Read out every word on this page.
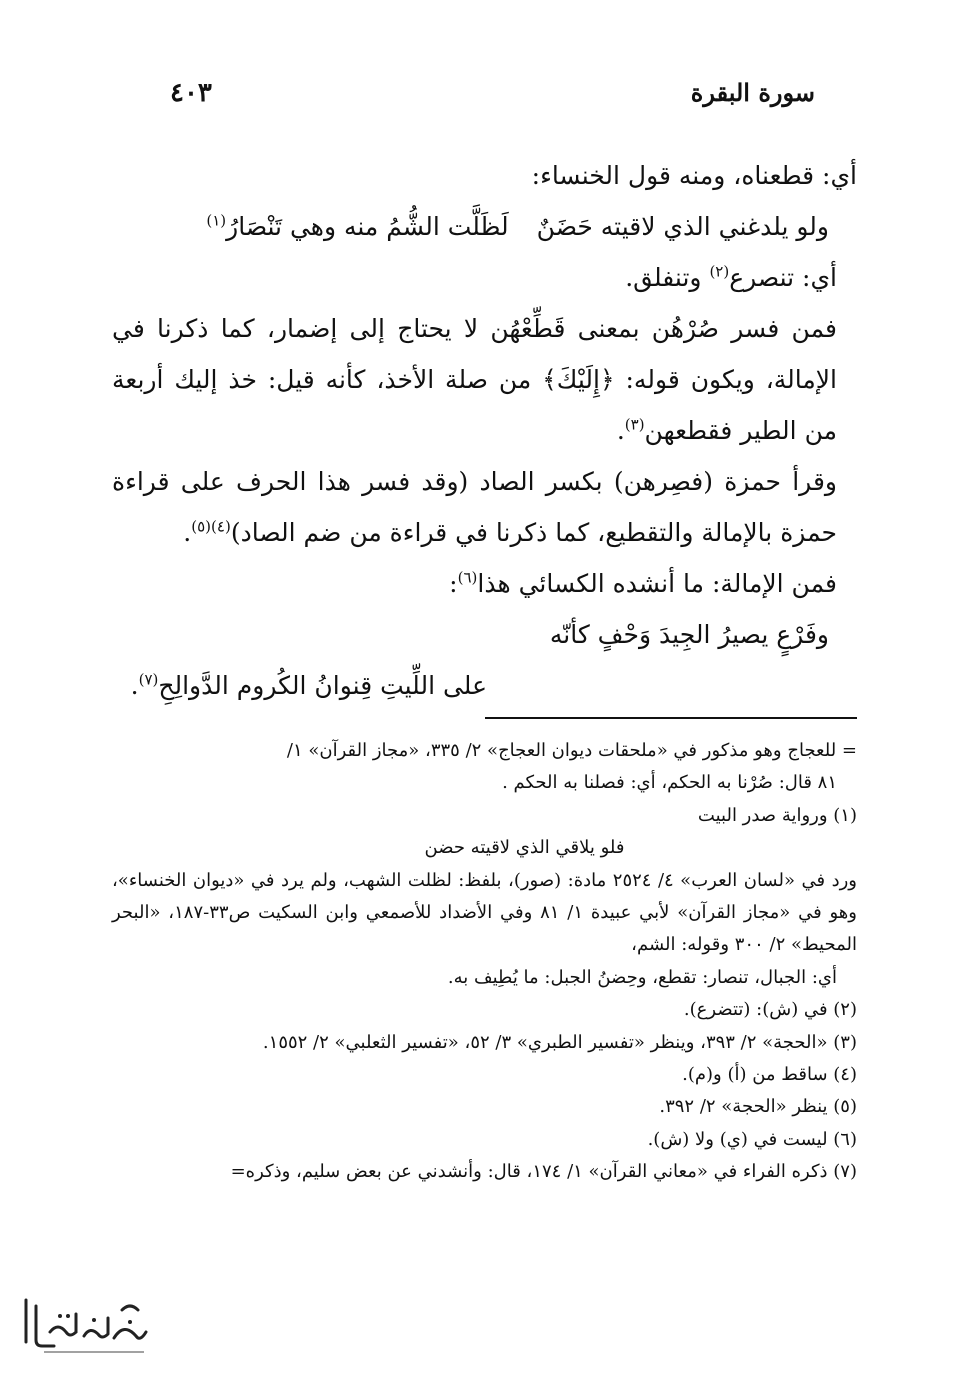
سورة البقرة
٤٠٣

أي: قطعناه، ومنه قول الخنساء:

ولو يلدغني الذي لاقيته حَضَنٌلَظَلَّت الشُّمُ منه وهي تَنْصَارُ$^{(١)}$

أي: تنصرع$^{(٢)}$ وتنفلق.

فمن فسر صُرْهُن بمعنى قَطِّعْهُن لا يحتاج إلى إضمار، كما ذكرنا في الإمالة، ويكون قوله: ﴿إِلَيْكَ﴾ من صلة الأخذ، كأنه قيل: خذ إليك أربعة من الطير فقطعهن$^{(٣)}$.

وقرأ حمزة (فصِرهن) بكسر الصاد (وقد فسر هذا الحرف على قراءة حمزة بالإمالة والتقطيع، كما ذكرنا في قراءة من ضم الصاد)$^{(٤)(٥)}$.

فمن الإمالة: ما أنشده الكسائي هذا$^{(٦)}$:

وفَرْعٍ يصيرُ الجِيدَ وَحْفٍ كأنّه

على اللِّيتِ قِنوانُ الكُروم الدَّوالِحِ$^{(٧)}$.

= للعجاج وهو مذكور في «ملحقات ديوان العجاج» ٢/ ٣٣٥، «مجاز القرآن» ١/

٨١ قال: صُرْنا به الحكم، أي: فصلنا به الحكم .

(١) ورواية صدر البيت

فلو يلاقي الذي لاقيته حضن

ورد في «لسان العرب» ٤/ ٢٥٢٤ مادة: (صور)، بلفظ: لظلت الشهب، ولم يرد في «ديوان الخنساء»، وهو في «مجاز القرآن» لأبي عبيدة ١/ ٨١ وفي الأضداد للأصمعي وابن السكيت ص٣٣-١٨٧، «البحر المحيط» ٢/ ٣٠٠ وقوله: الشم،

أي: الجبال، تنصار: تقطع، وحِضنُ الجبل: ما يُطِيف به.

(٢) في (ش): (تتضرع).

(٣) «الحجة» ٢/ ٣٩٣، وينظر «تفسير الطبري» ٣/ ٥٢، «تفسير الثعلبي» ٢/ ١٥٥٢.

(٤) ساقط من (أ) و(م).

(٥) ينظر «الحجة» ٢/ ٣٩٢.

(٦) ليست في (ي) ولا (ش).

(٧) ذكره الفراء في «معاني القرآن» ١/ ١٧٤، قال: وأنشدني عن بعض سليم، وذكره=
